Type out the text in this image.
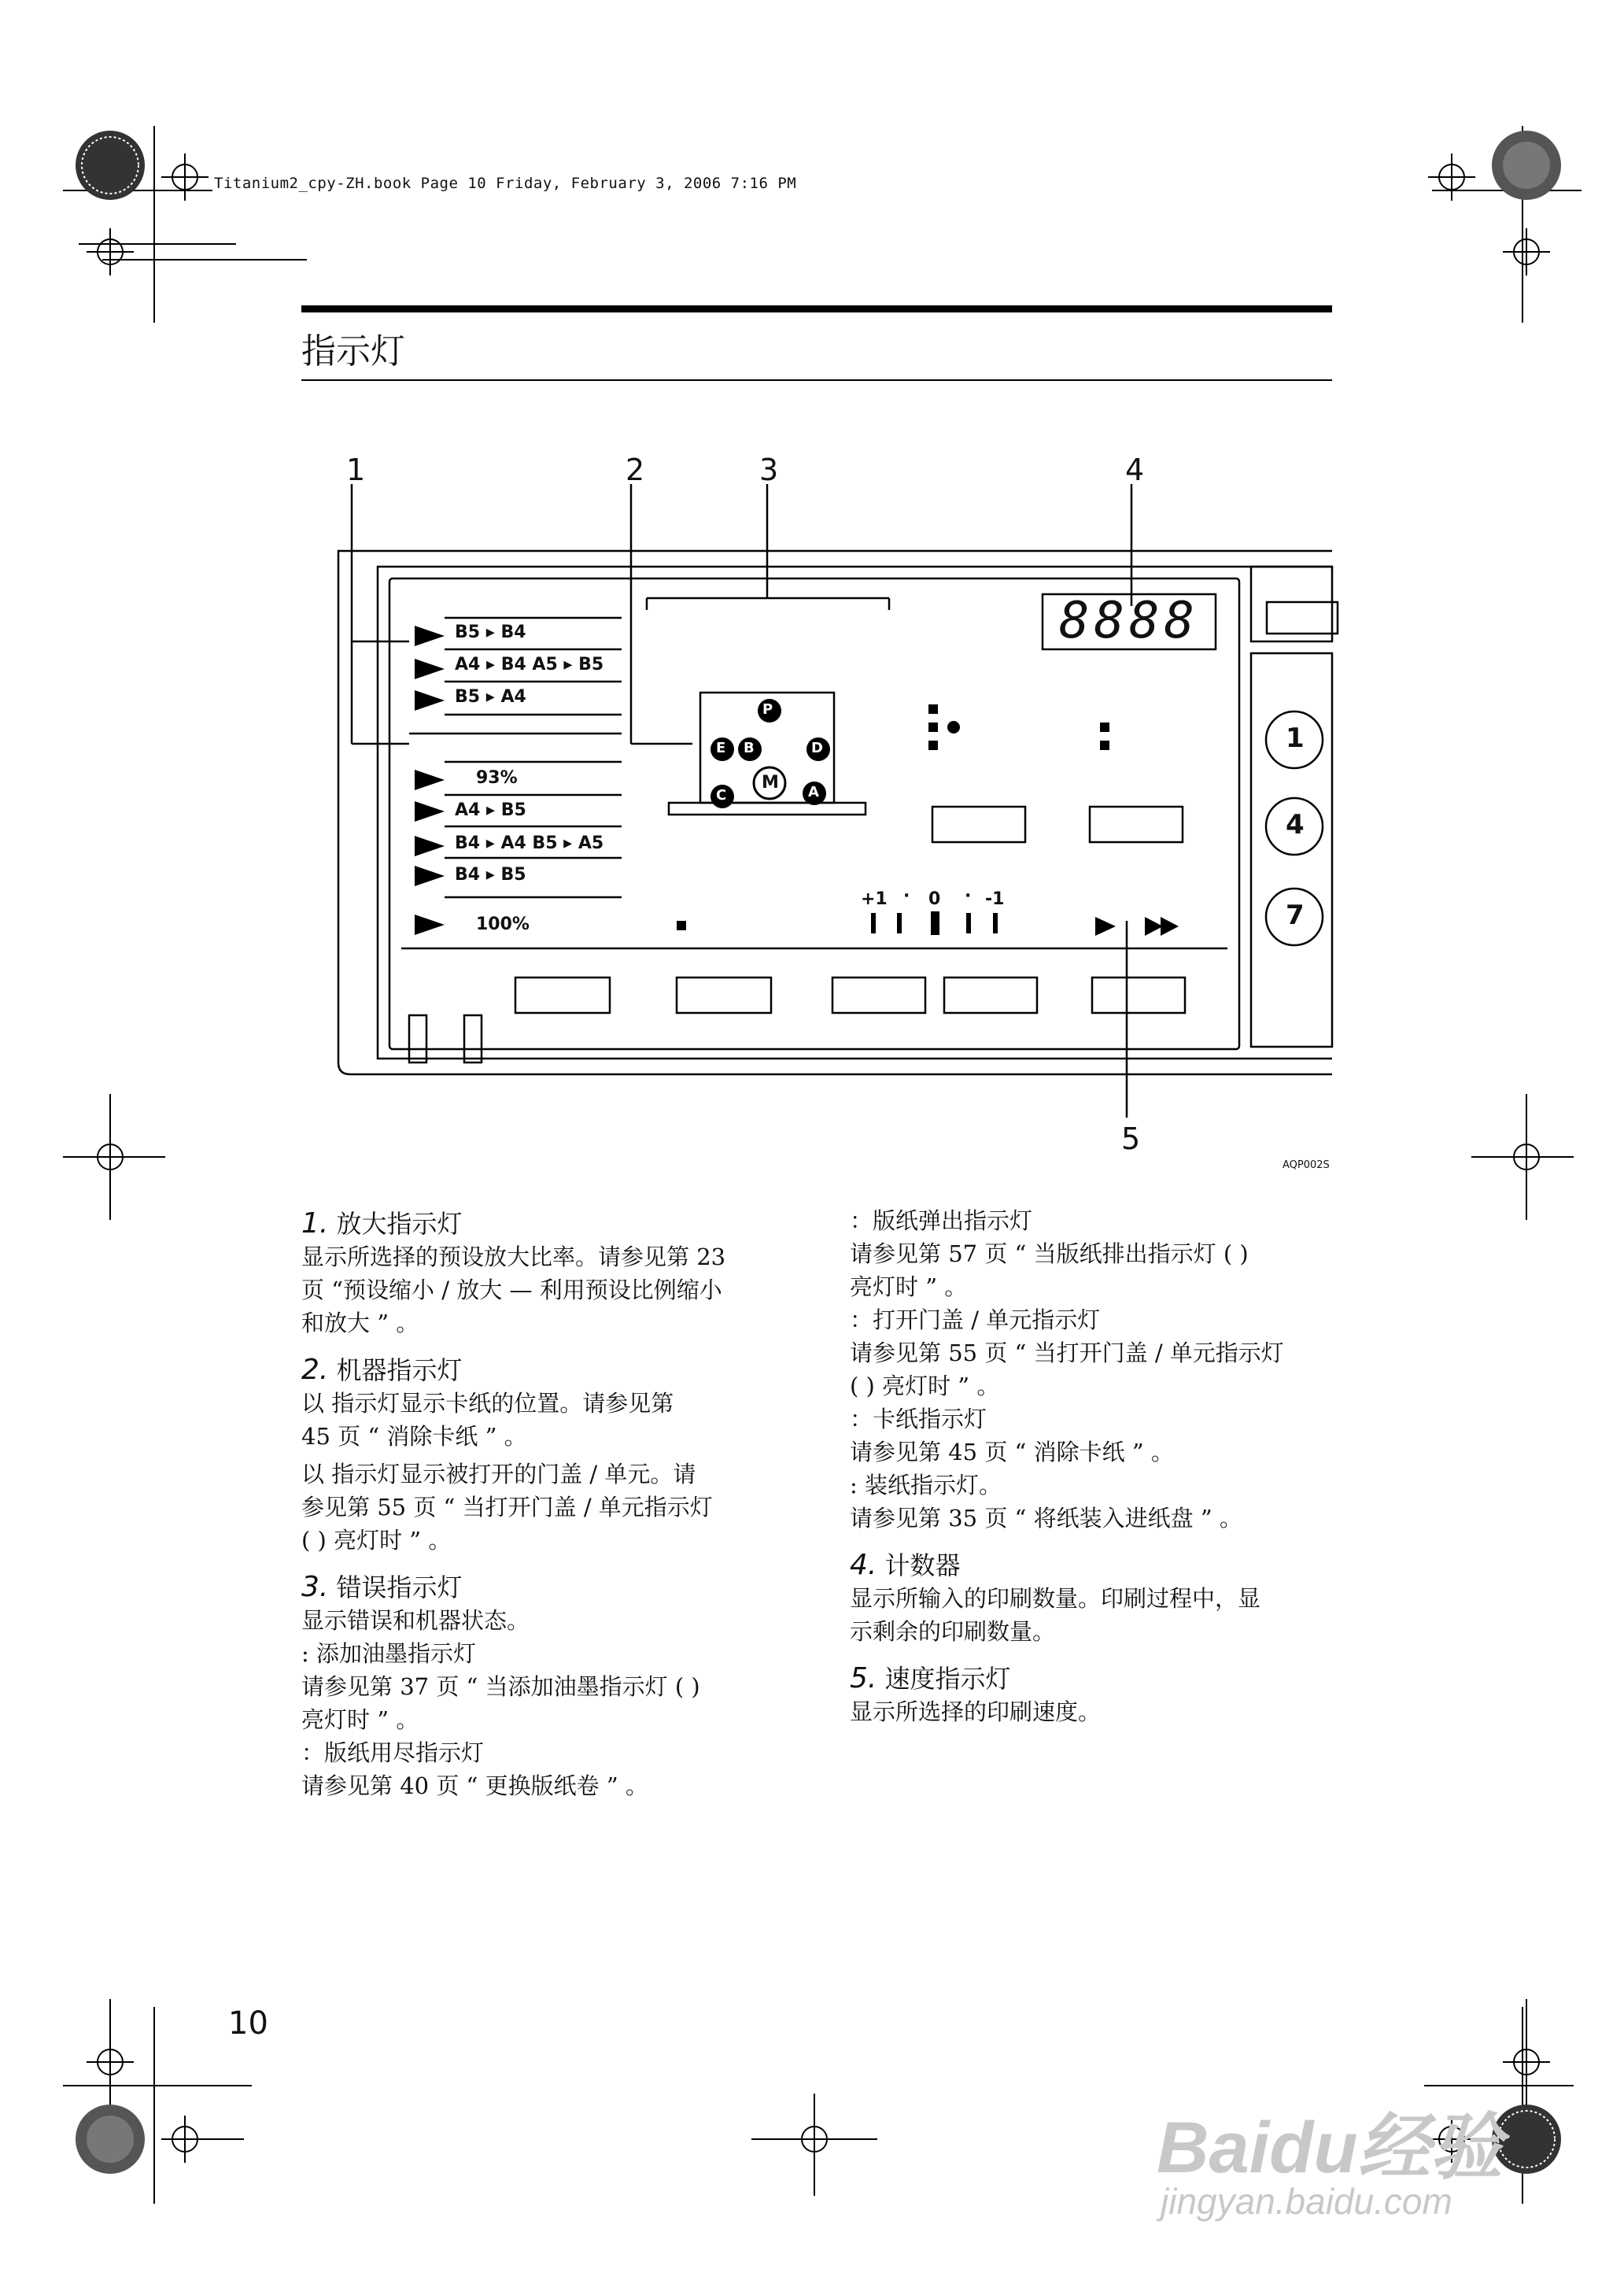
Titanium2_cpy-ZH.book Page 10 Friday, February 3, 2006 7:16 PM
指示灯
1	2	3	4
5
8888
B5 ▸ B4
A4 ▸ B4 A5 ▸ B5
B5 ▸ A4
93%
A4 ▸ B5
B4 ▸ A4 B5 ▸ A5
B4 ▸ B5
100%
P
E B	D
M
C	A
+1 · 0 · -1
1
4
7
AQP002S
1. 放大指示灯
显示所选择的预设放大比率。请参见第 23
页 “预设缩小 / 放大 — 利用预设比例缩小
和放大 ” 。
2. 机器指示灯
以 指示灯显示卡纸的位置。请参见第
45 页 “ 消除卡纸 ” 。
以 指示灯显示被打开的门盖 / 单元。请
参见第 55 页 “ 当打开门盖 / 单元指示灯
( ) 亮灯时 ” 。
3. 错误指示灯
显示错误和机器状态。
: 添加油墨指示灯
请参见第 37 页 “ 当添加油墨指示灯 ( )
亮灯时 ” 。
：版纸用尽指示灯
请参见第 40 页 “ 更换版纸卷 ” 。
：版纸弹出指示灯
请参见第 57 页 “ 当版纸排出指示灯 ( )
亮灯时 ” 。
：打开门盖 / 单元指示灯
请参见第 55 页 “ 当打开门盖 / 单元指示灯
( ) 亮灯时 ” 。
：卡纸指示灯
请参见第 45 页 “ 消除卡纸 ” 。
: 装纸指示灯。
请参见第 35 页 “ 将纸装入进纸盘 ” 。
4. 计数器
显示所输入的印刷数量。印刷过程中，显
示剩余的印刷数量。
5. 速度指示灯
显示所选择的印刷速度。
10
Baidu经验
jingyan.baidu.com
